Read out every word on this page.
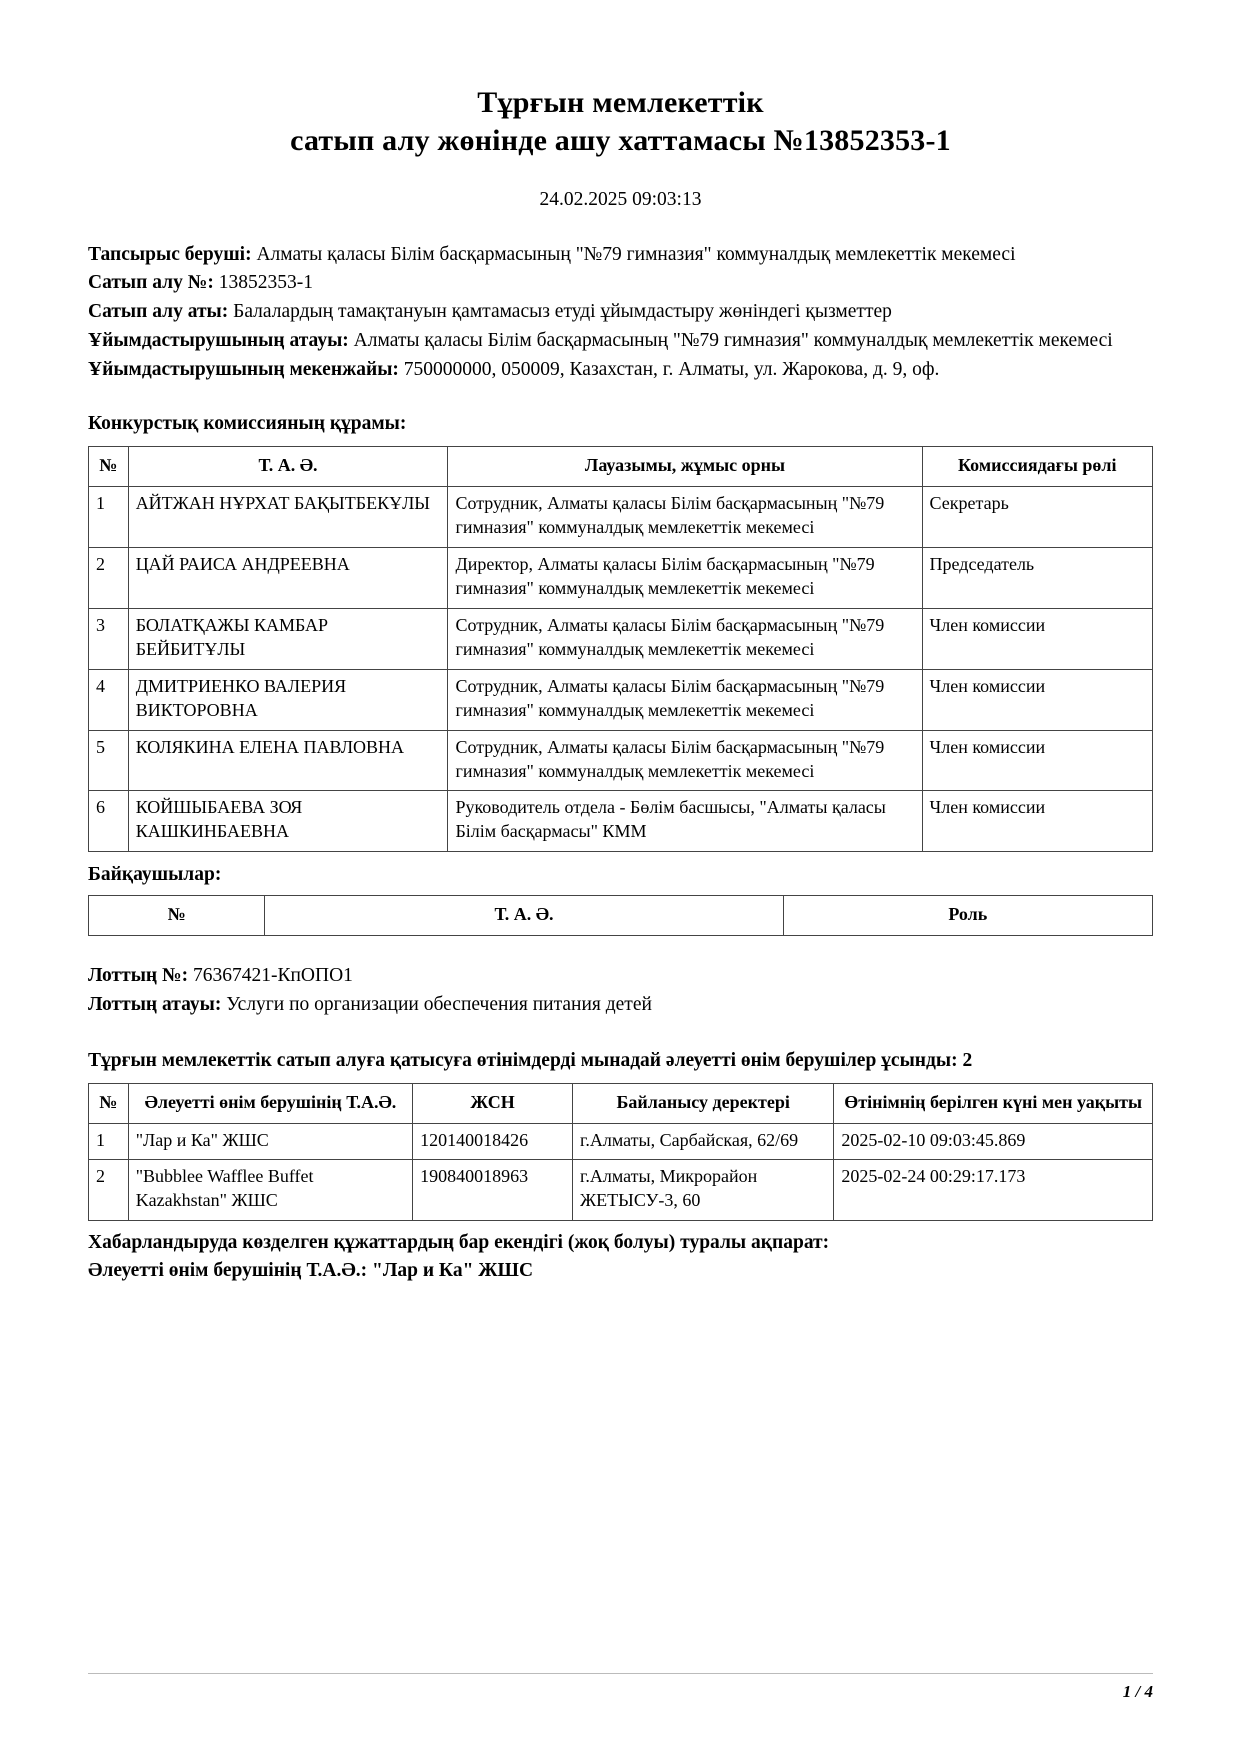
Тұрғын мемлекеттік
сатып алу жөнінде ашу хаттамасы №13852353-1
24.02.2025 09:03:13

Тапсырыс беруші: Алматы қаласы Білім басқармасының "№79 гимназия" коммуналдық мемлекеттік мекемесі

Сатып алу №: 13852353-1

Сатып алу аты: Балалардың тамақтануын қамтамасыз етуді ұйымдастыру жөніндегі қызметтер

Ұйымдастырушының атауы: Алматы қаласы Білім басқармасының "№79 гимназия" коммуналдық мемлекеттік мекемесі

Ұйымдастырушының мекенжайы: 750000000, 050009, Казахстан, г. Алматы, ул. Жарокова, д. 9, оф.

Конкурстық комиссияның құрамы:
№	Т. А. Ә.	Лауазымы, жұмыс орны	Комиссиядағы рөлі
1	АЙТЖАН НҰРХАТ БАҚЫТБЕКҰЛЫ	Сотрудник, Алматы қаласы Білім басқармасының "№79 гимназия" коммуналдық мемлекеттік мекемесі	Секретарь
2	ЦАЙ РАИСА АНДРЕЕВНА	Директор, Алматы қаласы Білім басқармасының "№79 гимназия" коммуналдық мемлекеттік мекемесі	Председатель
3	БОЛАТҚАЖЫ КАМБАР БЕЙБИТҰЛЫ	Сотрудник, Алматы қаласы Білім басқармасының "№79 гимназия" коммуналдық мемлекеттік мекемесі	Член комиссии
4	ДМИТРИЕНКО ВАЛЕРИЯ ВИКТОРОВНА	Сотрудник, Алматы қаласы Білім басқармасының "№79 гимназия" коммуналдық мемлекеттік мекемесі	Член комиссии
5	КОЛЯКИНА ЕЛЕНА ПАВЛОВНА	Сотрудник, Алматы қаласы Білім басқармасының "№79 гимназия" коммуналдық мемлекеттік мекемесі	Член комиссии
6	КОЙШЫБАЕВА ЗОЯ КАШКИНБАЕВНА	Руководитель отдела - Бөлім басшысы, "Алматы қаласы Білім басқармасы" КММ	Член комиссии
Байқаушылар:
№	Т. А. Ә.	Роль

Лоттың №: 76367421-КпОПО1

Лоттың атауы: Услуги по организации обеспечения питания детей

Тұрғын мемлекеттік сатып алуға қатысуға өтінімдерді мынадай әлеуетті өнім берушілер ұсынды: 2
№	Әлеуетті өнім берушінің Т.А.Ә.	ЖСН	Байланысу деректері	Өтінімнің берілген күні мен уақыты
1	"Лар и Ка" ЖШС	120140018426	г.Алматы, Сарбайская, 62/69	2025-02-10 09:03:45.869
2	"Bubblee Wafflee Buffet Kazakhstan" ЖШС	190840018963	г.Алматы, Микрорайон ЖЕТЫСУ-3, 60	2025-02-24 00:29:17.173
Хабарландыруда көзделген құжаттардың бар екендігі (жоқ болуы) туралы ақпарат:
Әлеуетті өнім берушінің Т.А.Ә.: "Лар и Ка" ЖШС
1 / 4
